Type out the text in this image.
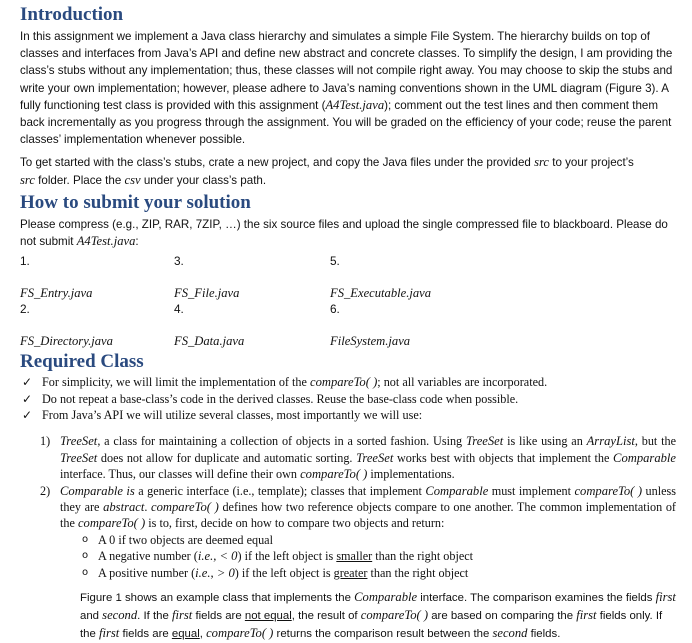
Introduction

In this assignment we implement a Java class hierarchy and simulates a simple File System. The hierarchy builds on top of classes and interfaces from Java’s API and define new abstract and concrete classes. To simplify the design, I am providing the class’s stubs without any implementation; thus, these classes will not compile right away. You may choose to skip the stubs and write your own implementation; however, please adhere to Java’s naming conventions shown in the UML diagram (Figure 3). A fully functioning test class is provided with this assignment (A4Test.java); comment out the test lines and then comment them back incrementally as you progress through the assignment. You will be graded on the efficiency of your code; reuse the parent classes’ implementation whenever possible.

To get started with the class’s stubs, crate a new project, and copy the Java files under the provided src to your project’s
src folder. Place the csv under your class’s path.

How to submit your solution

Please compress (e.g., ZIP, RAR, 7ZIP, …) the six source files and upload the single compressed file to blackboard. Please do not submit A4Test.java:

1.

FS_Entry.java
3.

FS_File.java
5.

FS_Executable.java
2.

FS_Directory.java
4.

FS_Data.java
6.

FileSystem.java
Required Class
✓ For simplicity, we will limit the implementation of the compareTo( ); not all variables are incorporated.
✓ Do not repeat a base-class’s code in the derived classes. Reuse the base-class code when possible.
✓ From Java’s API we will utilize several classes, most importantly we will use:
1) TreeSet, a class for maintaining a collection of objects in a sorted fashion. Using TreeSet is like using an ArrayList, but the TreeSet does not allow for duplicate and automatic sorting. TreeSet works best with objects that implement the Comparable interface. Thus, our classes will define their own compareTo( ) implementations.
2) Comparable is a generic interface (i.e., template); classes that implement Comparable must implement compareTo( ) unless they are abstract. compareTo( ) defines how two reference objects compare to one another. The common implementation of the compareTo( ) is to, first, decide on how to compare two objects and return:
o A 0 if two objects are deemed equal
o A negative number (i.e., < 0) if the left object is smaller than the right object
o A positive number (i.e., > 0) if the left object is greater than the right object

Figure 1 shows an example class that implements the Comparable interface. The comparison examines the fields first and second. If the first fields are not equal, the result of compareTo( ) are based on comparing the first fields only. If the first fields are equal, compareTo( ) returns the comparison result between the second fields.
